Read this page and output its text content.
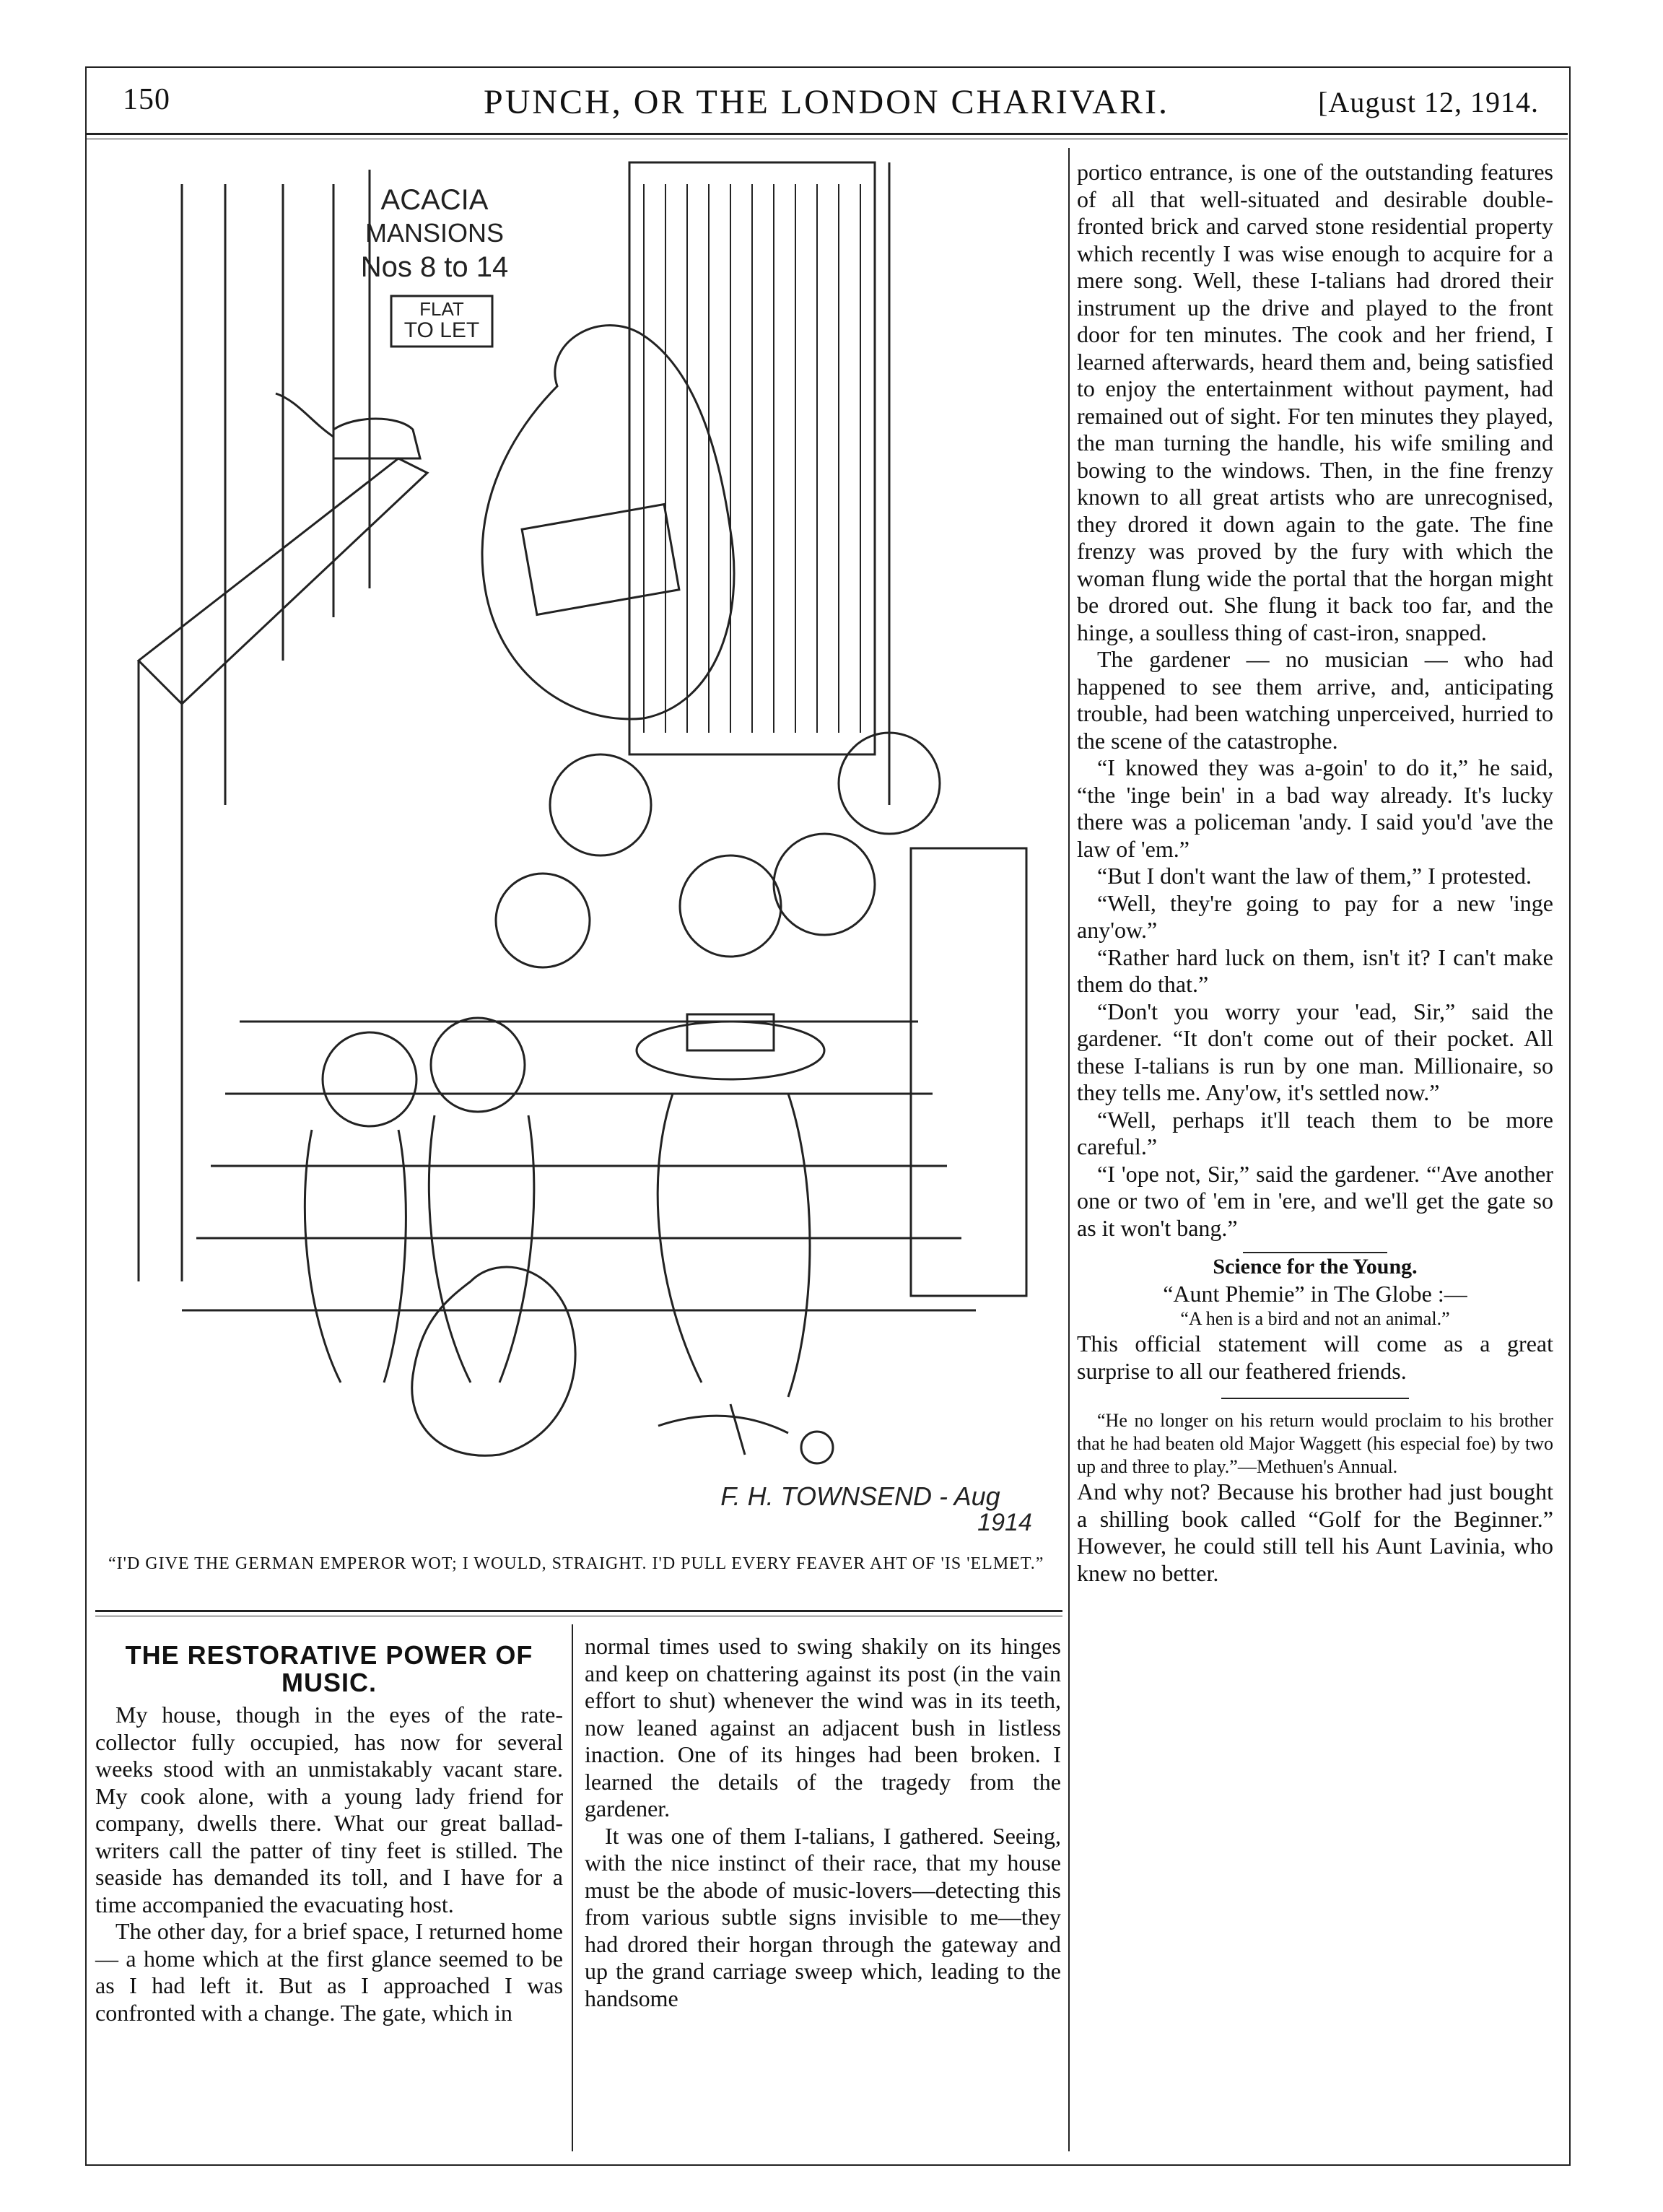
150	PUNCH, OR THE LONDON CHARIVARI.	[August 12, 1914.
ACACIA
MANSIONS
Nos 8 to 14
FLAT
TO LET
F. H. TOWNSEND - Aug
1914
“I'D GIVE THE GERMAN EMPEROR WOT; I WOULD, STRAIGHT. I'D PULL EVERY FEAVER AHT OF 'IS 'ELMET.”
THE RESTORATIVE POWER OF MUSIC.

My house, though in the eyes of the rate-collector fully occupied, has now for several weeks stood with an unmistakably vacant stare. My cook alone, with a young lady friend for company, dwells there. What our great ballad-writers call the patter of tiny feet is stilled. The seaside has demanded its toll, and I have for a time accompanied the evacuating host.

The other day, for a brief space, I returned home — a home which at the first glance seemed to be as I had left it. But as I approached I was confronted with a change. The gate, which in

normal times used to swing shakily on its hinges and keep on chattering against its post (in the vain effort to shut) whenever the wind was in its teeth, now leaned against an adjacent bush in listless inaction. One of its hinges had been broken. I learned the details of the tragedy from the gardener.

It was one of them I-talians, I gathered. Seeing, with the nice instinct of their race, that my house must be the abode of music-lovers—detecting this from various subtle signs invisible to me—they had drored their horgan through the gateway and up the grand carriage sweep which, leading to the handsome

portico entrance, is one of the outstanding features of all that well-situated and desirable double-fronted brick and carved stone residential property which recently I was wise enough to acquire for a mere song. Well, these I-talians had drored their instrument up the drive and played to the front door for ten minutes. The cook and her friend, I learned afterwards, heard them and, being satisfied to enjoy the entertainment without payment, had remained out of sight. For ten minutes they played, the man turning the handle, his wife smiling and bowing to the windows. Then, in the fine frenzy known to all great artists who are unrecognised, they drored it down again to the gate. The fine frenzy was proved by the fury with which the woman flung wide the portal that the horgan might be drored out. She flung it back too far, and the hinge, a soulless thing of cast-iron, snapped.

The gardener — no musician — who had happened to see them arrive, and, anticipating trouble, had been watching unperceived, hurried to the scene of the catastrophe.

“I knowed they was a-goin' to do it,” he said, “the 'inge bein' in a bad way already. It's lucky there was a policeman 'andy. I said you'd 'ave the law of 'em.”

“But I don't want the law of them,” I protested.

“Well, they're going to pay for a new 'inge any'ow.”

“Rather hard luck on them, isn't it? I can't make them do that.”

“Don't you worry your 'ead, Sir,” said the gardener. “It don't come out of their pocket. All these I-talians is run by one man. Millionaire, so they tells me. Any'ow, it's settled now.”

“Well, perhaps it'll teach them to be more careful.”

“I 'ope not, Sir,” said the gardener. “'Ave another one or two of 'em in 'ere, and we'll get the gate so as it won't bang.”

Science for the Young.

“Aunt Phemie” in The Globe :—

“A hen is a bird and not an animal.”

This official statement will come as a great surprise to all our feathered friends.

“He no longer on his return would proclaim to his brother that he had beaten old Major Waggett (his especial foe) by two up and three to play.”—Methuen's Annual.

And why not? Because his brother had just bought a shilling book called “Golf for the Beginner.” However, he could still tell his Aunt Lavinia, who knew no better.
